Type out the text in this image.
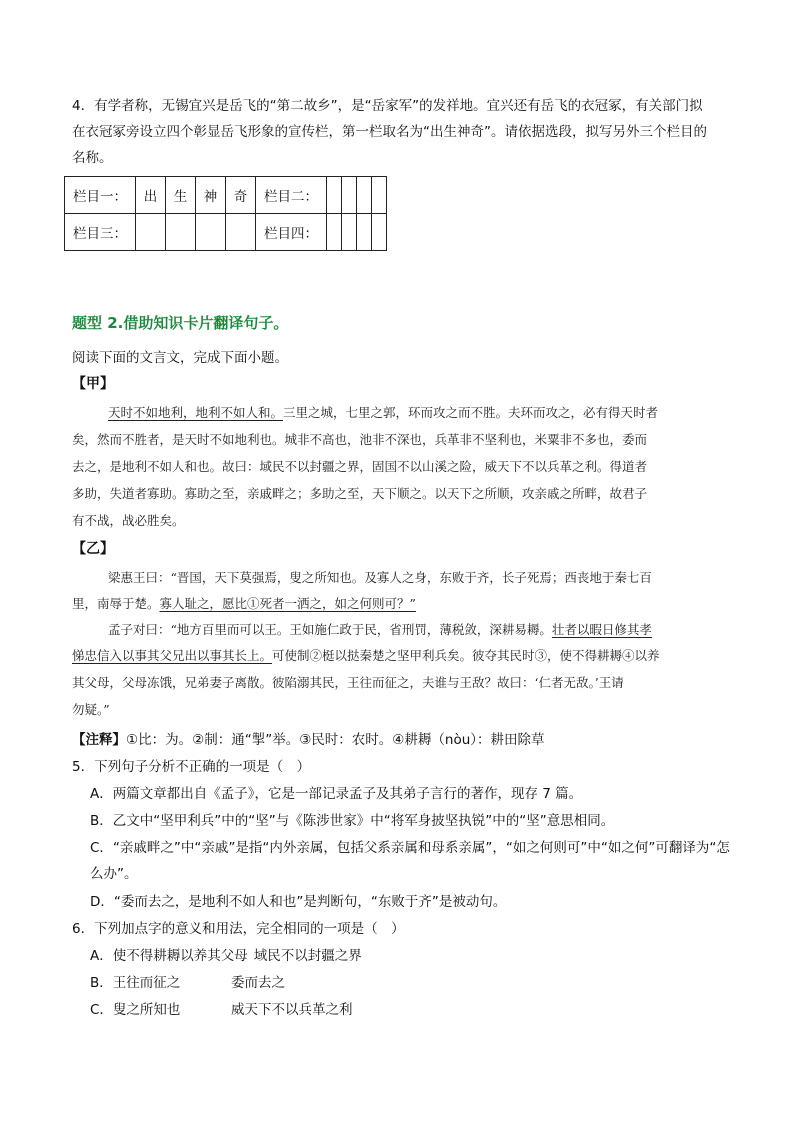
4．有学者称，无锡宜兴是岳飞的“第二故乡”，是“岳家军”的发祥地。宜兴还有岳飞的衣冠冢，有关部门拟
在衣冠冢旁设立四个彰显岳飞形象的宣传栏，第一栏取名为“出生神奇”。请依据选段，拟写另外三个栏目的
名称。
栏目一：	出	生	神	奇	栏目二：				
栏目三：					栏目四：				
题型 2.借助知识卡片翻译句子。
阅读下面的文言文，完成下面小题。
【甲】
天时不如地利，地利不如人和。三里之城，七里之郭，环而攻之而不胜。夫环而攻之，必有得天时者
矣，然而不胜者，是天时不如地利也。城非不高也，池非不深也，兵革非不坚利也，米粟非不多也，委而
去之，是地利不如人和也。故曰：域民不以封疆之界，固国不以山溪之险，威天下不以兵革之利。得道者
多助，失道者寡助。寡助之至，亲戚畔之；多助之至，天下顺之。以天下之所顺，攻亲戚之所畔，故君子
有不战，战必胜矣。
【乙】
梁惠王曰：“晋国，天下莫强焉，叟之所知也。及寡人之身，东败于齐，长子死焉；西丧地于秦七百
里，南辱于楚。寡人耻之，愿比①死者一洒之，如之何则可？”
孟子对曰：“地方百里而可以王。王如施仁政于民，省刑罚，薄税敛，深耕易耨。壮者以暇日修其孝
悌忠信入以事其父兄出以事其长上。可使制②梃以挞秦楚之坚甲利兵矣。彼夺其民时③，使不得耕耨④以养
其父母，父母冻饿，兄弟妻子离散。彼陷溺其民，王往而征之，夫谁与王敌？故曰：‘仁者无敌。’王请
勿疑。”
【注释】①比：为。②制：通“掣”举。③民时：农时。④耕耨（nòu）：耕田除草
5．下列句子分析不正确的一项是（　）
A．两篇文章都出自《孟子》，它是一部记录孟子及其弟子言行的著作，现存 7 篇。
B．乙文中“坚甲利兵”中的“坚”与《陈涉世家》中“将军身披坚执锐”中的“坚”意思相同。
C．“亲戚畔之”中“亲戚”是指“内外亲属，包括父系亲属和母系亲属”，“如之何则可”中“如之何”可翻译为“怎
么办”。
D．“委而去之，是地利不如人和也”是判断句，“东败于齐”是被动句。
6．下列加点字的意义和用法，完全相同的一项是（　）
A．使不得耕耨以养其父母 域民不以封疆之界
B．王往而征之	委而去之
C．叟之所知也	威天下不以兵革之利
